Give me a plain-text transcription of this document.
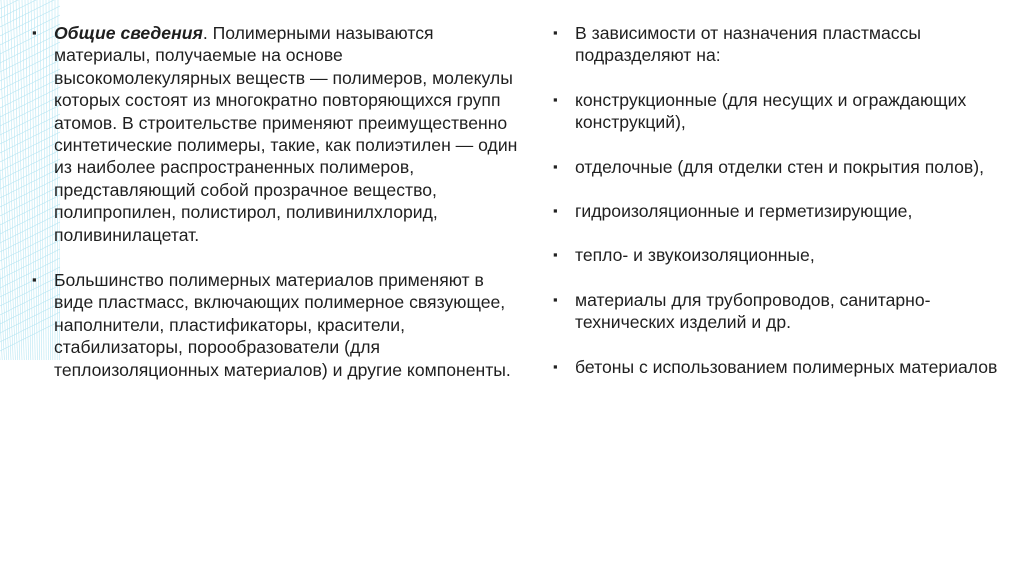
▪ Общие сведения. Полимерными называются материалы, получаемые на основе высокомолекулярных веществ — полимеров, молекулы которых состоят из многократно повторяющихся групп атомов. В строительстве применяют преимущественно синтетические полимеры, такие, как полиэтилен — один из наиболее распространенных полимеров, представляющий собой прозрачное вещество, полипропилен, полистирол, поливинилхлорид, поливинилацетат.
▪ Большинство полимерных материалов применяют в виде пластмасс, включающих полимерное связующее, наполнители, пластификаторы, красители, стабилизаторы, порообразователи (для теплоизоляционных материалов) и другие компоненты.
▪ В зависимости от назначения пластмассы подразделяют на:
▪ конструкционные (для несущих и ограждающих конструкций),
▪ отделочные (для отделки стен и покрытия полов),
▪ гидроизоляционные и герметизирующие,
▪ тепло- и звукоизоляционные,
▪ материалы для трубопроводов, санитарно-технических изделий и др.
▪ бетоны с использованием полимерных материалов
